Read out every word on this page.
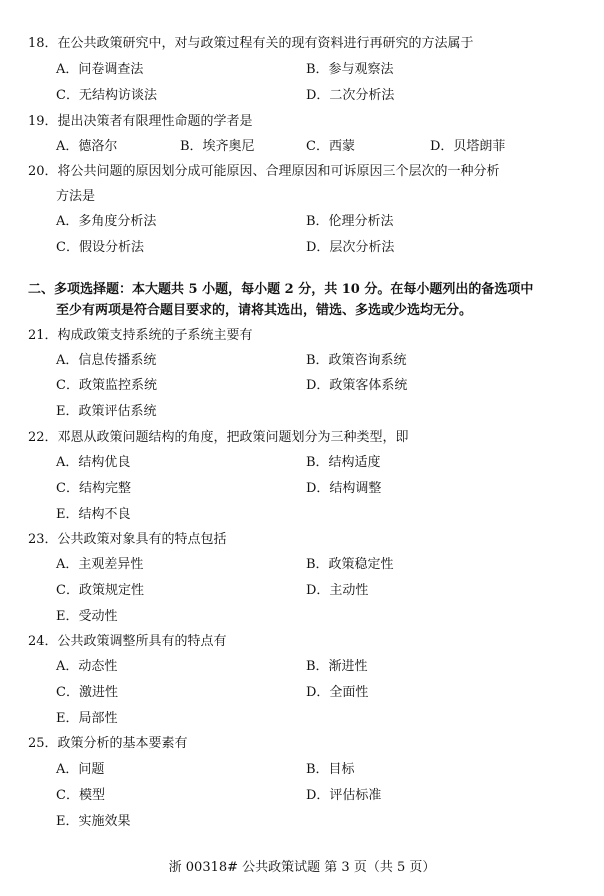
18．在公共政策研究中，对与政策过程有关的现有资料进行再研究的方法属于
A．问卷调查法	B．参与观察法
C．无结构访谈法	D．二次分析法
19．提出决策者有限理性命题的学者是
A．德洛尔	B．埃齐奥尼	C．西蒙	D．贝塔朗菲
20．将公共问题的原因划分成可能原因、合理原因和可诉原因三个层次的一种分析
方法是
A．多角度分析法	B．伦理分析法
C．假设分析法	D．层次分析法
二、多项选择题：本大题共 5 小题，每小题 2 分，共 10 分。在每小题列出的备选项中
至少有两项是符合题目要求的，请将其选出，错选、多选或少选均无分。
21．构成政策支持系统的子系统主要有
A．信息传播系统	B．政策咨询系统
C．政策监控系统	D．政策客体系统
E．政策评估系统
22．邓恩从政策问题结构的角度，把政策问题划分为三种类型，即
A．结构优良	B．结构适度
C．结构完整	D．结构调整
E．结构不良
23．公共政策对象具有的特点包括
A．主观差异性	B．政策稳定性
C．政策规定性	D．主动性
E．受动性
24．公共政策调整所具有的特点有
A．动态性	B．渐进性
C．激进性	D．全面性
E．局部性
25．政策分析的基本要素有
A．问题	B．目标
C．模型	D．评估标准
E．实施效果
浙 00318# 公共政策试题 第 3 页（共 5 页）
